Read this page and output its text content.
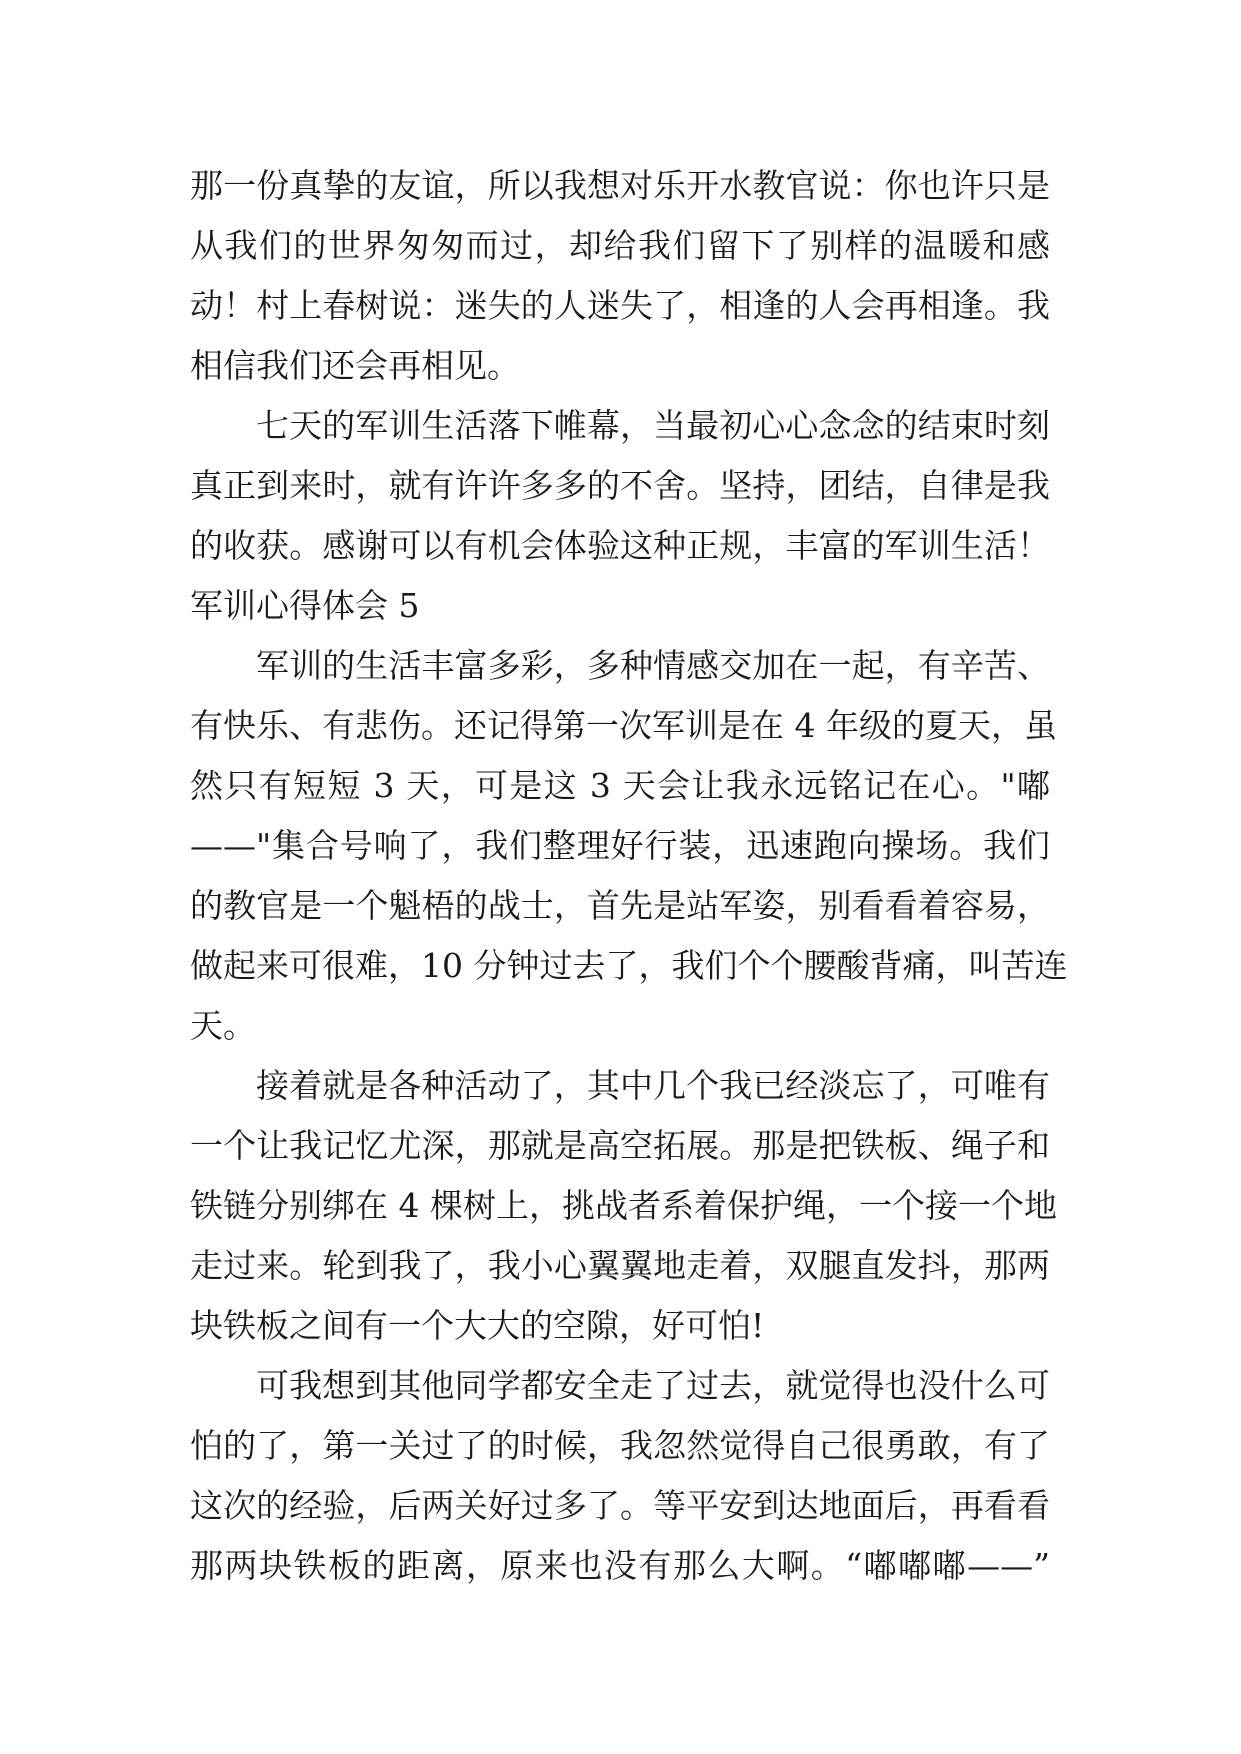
那一份真挚的友谊，所以我想对乐开水教官说：你也许只是
从我们的世界匆匆而过，却给我们留下了别样的温暖和感
动！村上春树说：迷失的人迷失了，相逢的人会再相逢。我
相信我们还会再相见。
七天的军训生活落下帷幕，当最初心心念念的结束时刻
真正到来时，就有许许多多的不舍。坚持，团结，自律是我
的收获。感谢可以有机会体验这种正规，丰富的军训生活！
军训心得体会 5
军训的生活丰富多彩，多种情感交加在一起，有辛苦、
有快乐、有悲伤。还记得第一次军训是在 4 年级的夏天，虽
然只有短短 3 天，可是这 3 天会让我永远铭记在心。"嘟
——"集合号响了，我们整理好行装，迅速跑向操场。我们
的教官是一个魁梧的战士，首先是站军姿，别看看着容易，
做起来可很难，10 分钟过去了，我们个个腰酸背痛，叫苦连
天。
接着就是各种活动了，其中几个我已经淡忘了，可唯有
一个让我记忆尤深，那就是高空拓展。那是把铁板、绳子和
铁链分别绑在 4 棵树上，挑战者系着保护绳，一个接一个地
走过来。轮到我了，我小心翼翼地走着，双腿直发抖，那两
块铁板之间有一个大大的空隙，好可怕!
可我想到其他同学都安全走了过去，就觉得也没什么可
怕的了，第一关过了的时候，我忽然觉得自己很勇敢，有了
这次的经验，后两关好过多了。等平安到达地面后，再看看
那两块铁板的距离，原来也没有那么大啊。“嘟嘟嘟——”
